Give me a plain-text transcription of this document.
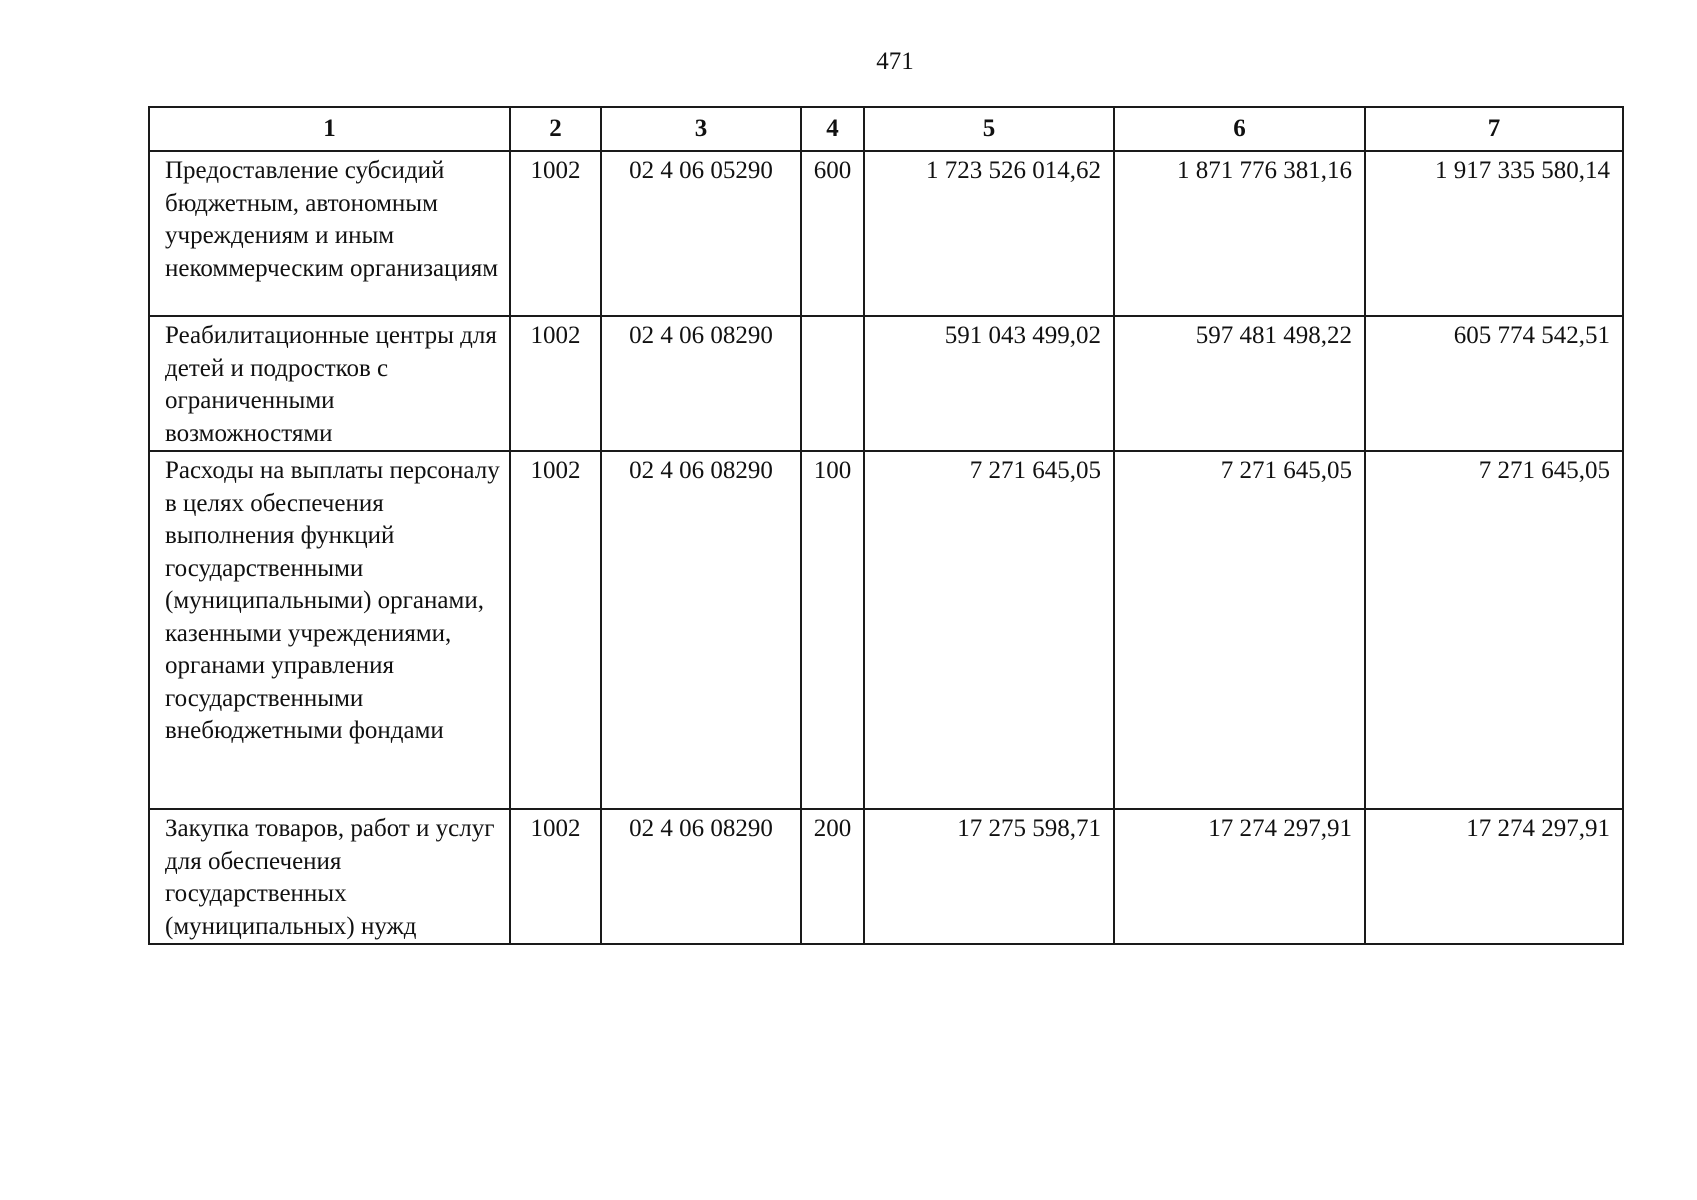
471
1	2	3	4	5	6	7
Предоставление субсидий бюджетным, автономным учреждениям и иным некоммерческим организациям	1002	02 4 06 05290	600	1 723 526 014,62	1 871 776 381,16	1 917 335 580,14
Реабилитационные центры для детей и подростков с ограниченными возможностями	1002	02 4 06 08290		591 043 499,02	597 481 498,22	605 774 542,51
Расходы на выплаты персоналу в целях обеспечения выполнения функций государственными (муниципальными) органами, казенными учреждениями, органами управления государственными внебюджетными фондами	1002	02 4 06 08290	100	7 271 645,05	7 271 645,05	7 271 645,05
Закупка товаров, работ и услуг для обеспечения государственных (муниципальных) нужд	1002	02 4 06 08290	200	17 275 598,71	17 274 297,91	17 274 297,91
